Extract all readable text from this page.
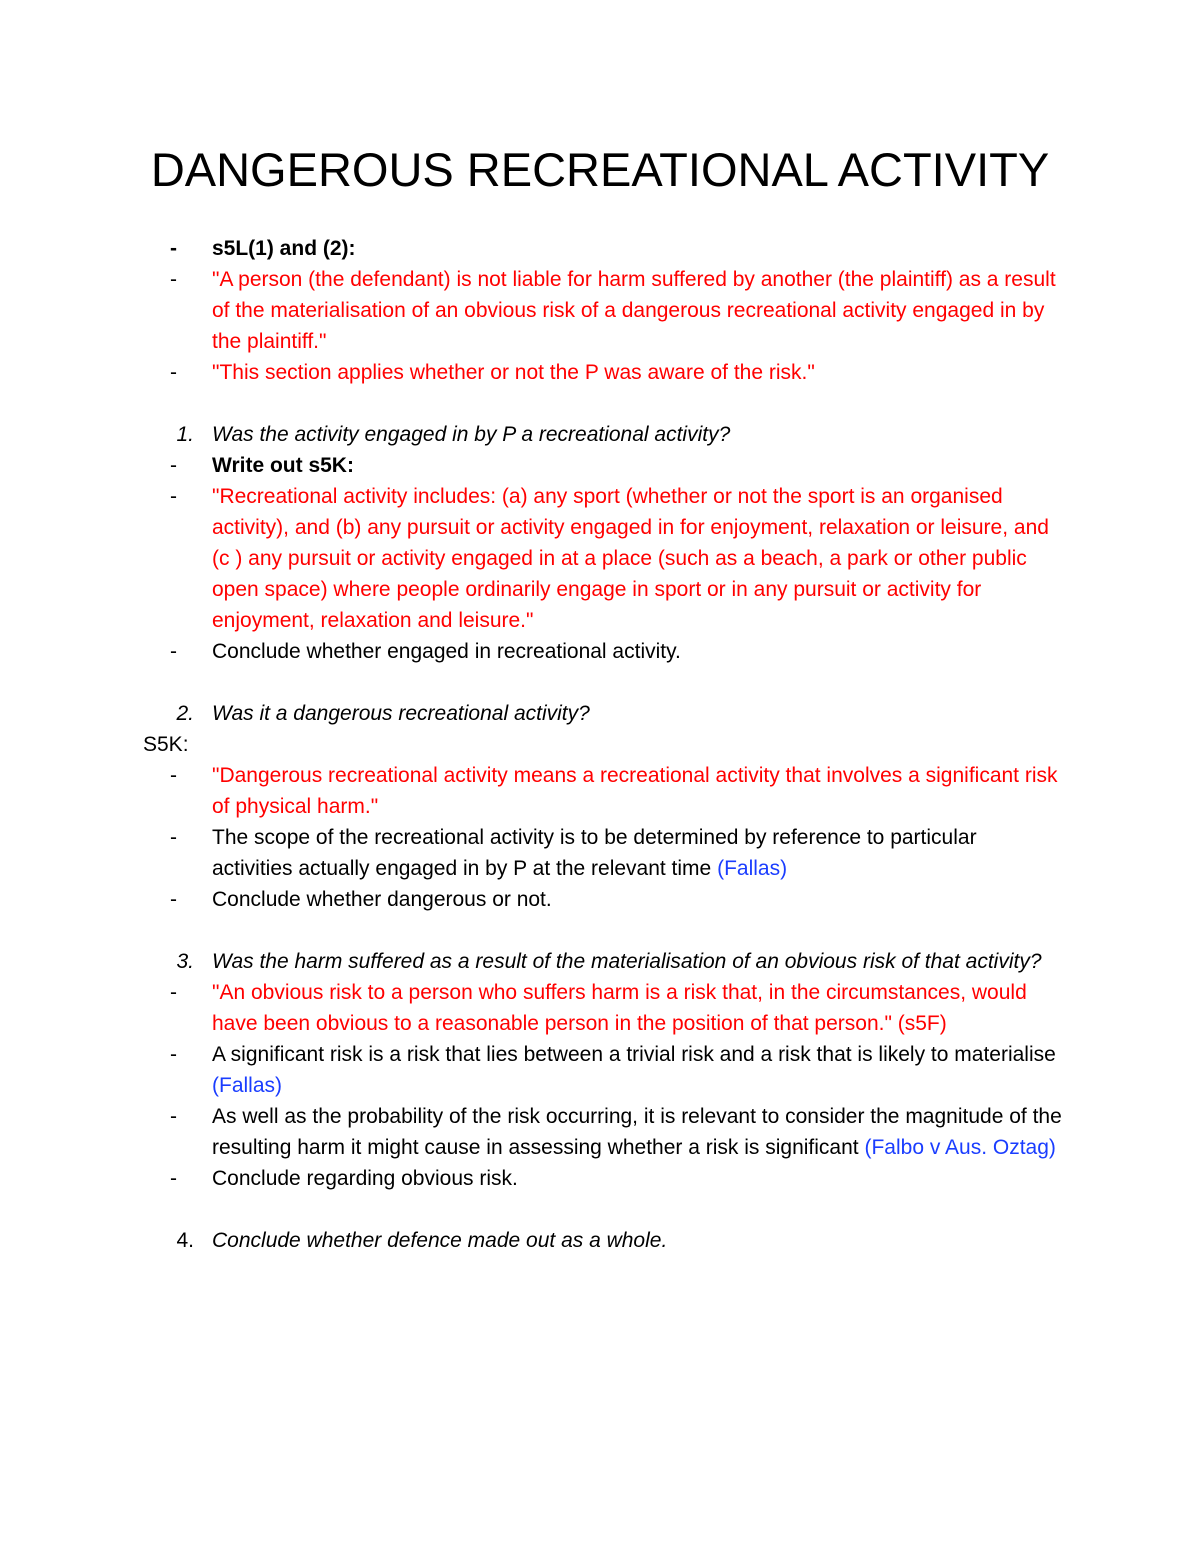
DANGEROUS RECREATIONAL ACTIVITY
-	s5L(1) and (2):
-	"A person (the defendant) is not liable for harm suffered by another (the plaintiff) as a result of the materialisation of an obvious risk of a dangerous recreational activity engaged in by the plaintiff."
-	"This section applies whether or not the P was aware of the risk."
1. Was the activity engaged in by P a recreational activity?
-	Write out s5K:
-	"Recreational activity includes: (a) any sport (whether or not the sport is an organised activity), and (b) any pursuit or activity engaged in for enjoyment, relaxation or leisure, and (c ) any pursuit or activity engaged in at a place (such as a beach, a park or other public open space) where people ordinarily engage in sport or in any pursuit or activity for enjoyment, relaxation and leisure."
-	Conclude whether engaged in recreational activity.
2. Was it a dangerous recreational activity?
S5K:
-	"Dangerous recreational activity means a recreational activity that involves a significant risk of physical harm."
-	The scope of the recreational activity is to be determined by reference to particular activities actually engaged in by P at the relevant time (Fallas)
-	Conclude whether dangerous or not.
3. Was the harm suffered as a result of the materialisation of an obvious risk of that activity?
-	"An obvious risk to a person who suffers harm is a risk that, in the circumstances, would have been obvious to a reasonable person in the position of that person." (s5F)
-	A significant risk is a risk that lies between a trivial risk and a risk that is likely to materialise (Fallas)
-	As well as the probability of the risk occurring, it is relevant to consider the magnitude of the resulting harm it might cause in assessing whether a risk is significant (Falbo v Aus. Oztag)
-	Conclude regarding obvious risk.
4. Conclude whether defence made out as a whole.
